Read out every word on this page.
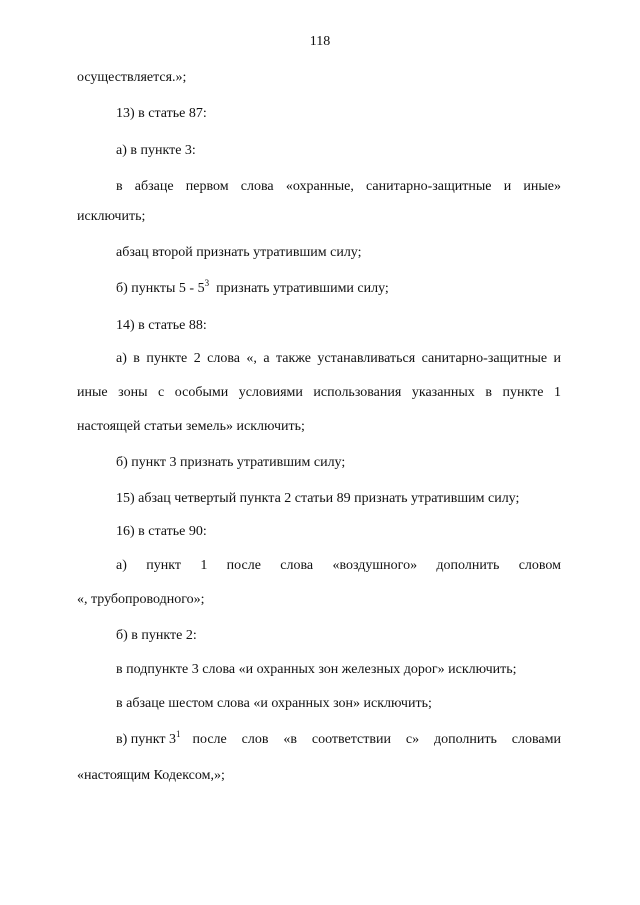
118
осуществляется.»;
13) в статье 87:
а) в пункте 3:
в абзаце первом слова «охранные, санитарно-защитные и иные»
исключить;
абзац второй признать утратившим силу;
б) пункты $5 - 5^3$  признать утратившими силу;
14) в статье 88:
а) в пункте 2 слова «, а также устанавливаться санитарно-защитные и
иные зоны с особыми условиями использования указанных в пункте 1
настоящей статьи земель» исключить;
б) пункт 3 признать утратившим силу;
15) абзац четвертый пункта 2 статьи 89 признать утратившим силу;
16) в статье 90:
а) пункт 1 после слова «воздушного» дополнить словом
«, трубопроводного»;
б) в пункте 2:
в подпункте 3 слова «и охранных зон железных дорог» исключить;
в абзаце шестом слова «и охранных зон» исключить;
в) пункт $3^1$ после слов «в соответствии с» дополнить словами
«настоящим Кодексом,»;
